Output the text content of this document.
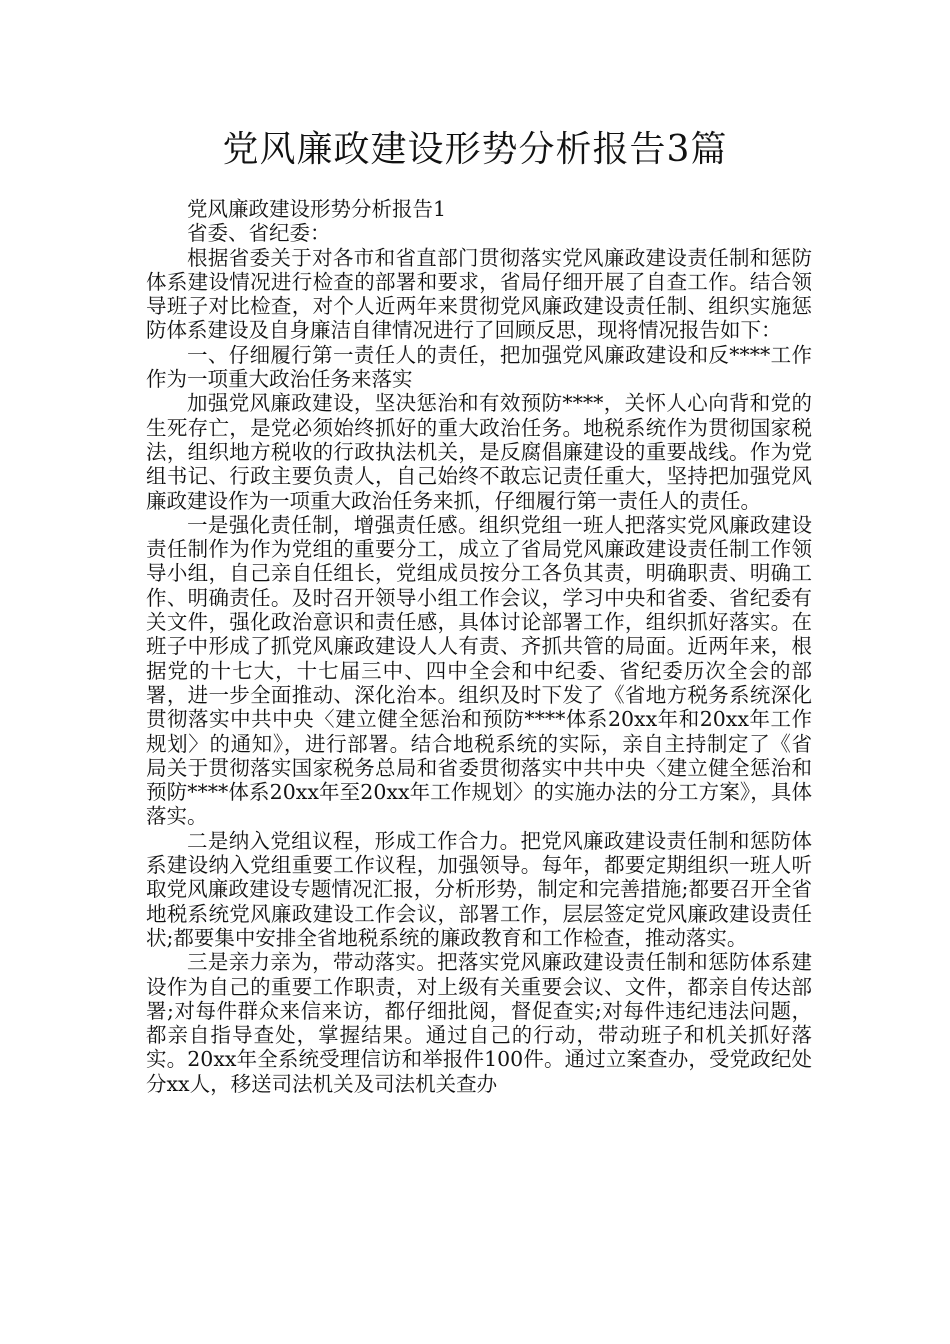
党风廉政建设形势分析报告3篇

党风廉政建设形势分析报告1

省委、省纪委：

根据省委关于对各市和省直部门贯彻落实党风廉政建设责任制和惩防体系建设情况进行检查的部署和要求，省局仔细开展了自查工作。结合领导班子对比检查，对个人近两年来贯彻党风廉政建设责任制、组织实施惩防体系建设及自身廉洁自律情况进行了回顾反思，现将情况报告如下：

一、仔细履行第一责任人的责任，把加强党风廉政建设和反****工作作为一项重大政治任务来落实

加强党风廉政建设，坚决惩治和有效预防****，关怀人心向背和党的生死存亡，是党必须始终抓好的重大政治任务。地税系统作为贯彻国家税法，组织地方税收的行政执法机关，是反腐倡廉建设的重要战线。作为党组书记、行政主要负责人，自己始终不敢忘记责任重大，坚持把加强党风廉政建设作为一项重大政治任务来抓，仔细履行第一责任人的责任。

一是强化责任制，增强责任感。组织党组一班人把落实党风廉政建设责任制作为作为党组的重要分工，成立了省局党风廉政建设责任制工作领导小组，自己亲自任组长，党组成员按分工各负其责，明确职责、明确工作、明确责任。及时召开领导小组工作会议，学习中央和省委、省纪委有关文件，强化政治意识和责任感，具体讨论部署工作，组织抓好落实。在班子中形成了抓党风廉政建设人人有责、齐抓共管的局面。近两年来，根据党的十七大，十七届三中、四中全会和中纪委、省纪委历次全会的部署，进一步全面推动、深化治本。组织及时下发了《省地方税务系统深化贯彻落实中共中央〈建立健全惩治和预防****体系20xx年和20xx年工作规划〉的通知》，进行部署。结合地税系统的实际，亲自主持制定了《省局关于贯彻落实国家税务总局和省委贯彻落实中共中央〈建立健全惩治和预防****体系20xx年至20xx年工作规划〉的实施办法的分工方案》，具体落实。

二是纳入党组议程，形成工作合力。把党风廉政建设责任制和惩防体系建设纳入党组重要工作议程，加强领导。每年，都要定期组织一班人听取党风廉政建设专题情况汇报，分析形势，制定和完善措施;都要召开全省地税系统党风廉政建设工作会议，部署工作，层层签定党风廉政建设责任状;都要集中安排全省地税系统的廉政教育和工作检查，推动落实。

三是亲力亲为，带动落实。把落实党风廉政建设责任制和惩防体系建设作为自己的重要工作职责，对上级有关重要会议、文件，都亲自传达部署;对每件群众来信来访，都仔细批阅，督促查实;对每件违纪违法问题，都亲自指导查处，掌握结果。通过自己的行动，带动班子和机关抓好落实。20xx年全系统受理信访和举报件100件。通过立案查办，受党政纪处分xx人，移送司法机关及司法机关查办
